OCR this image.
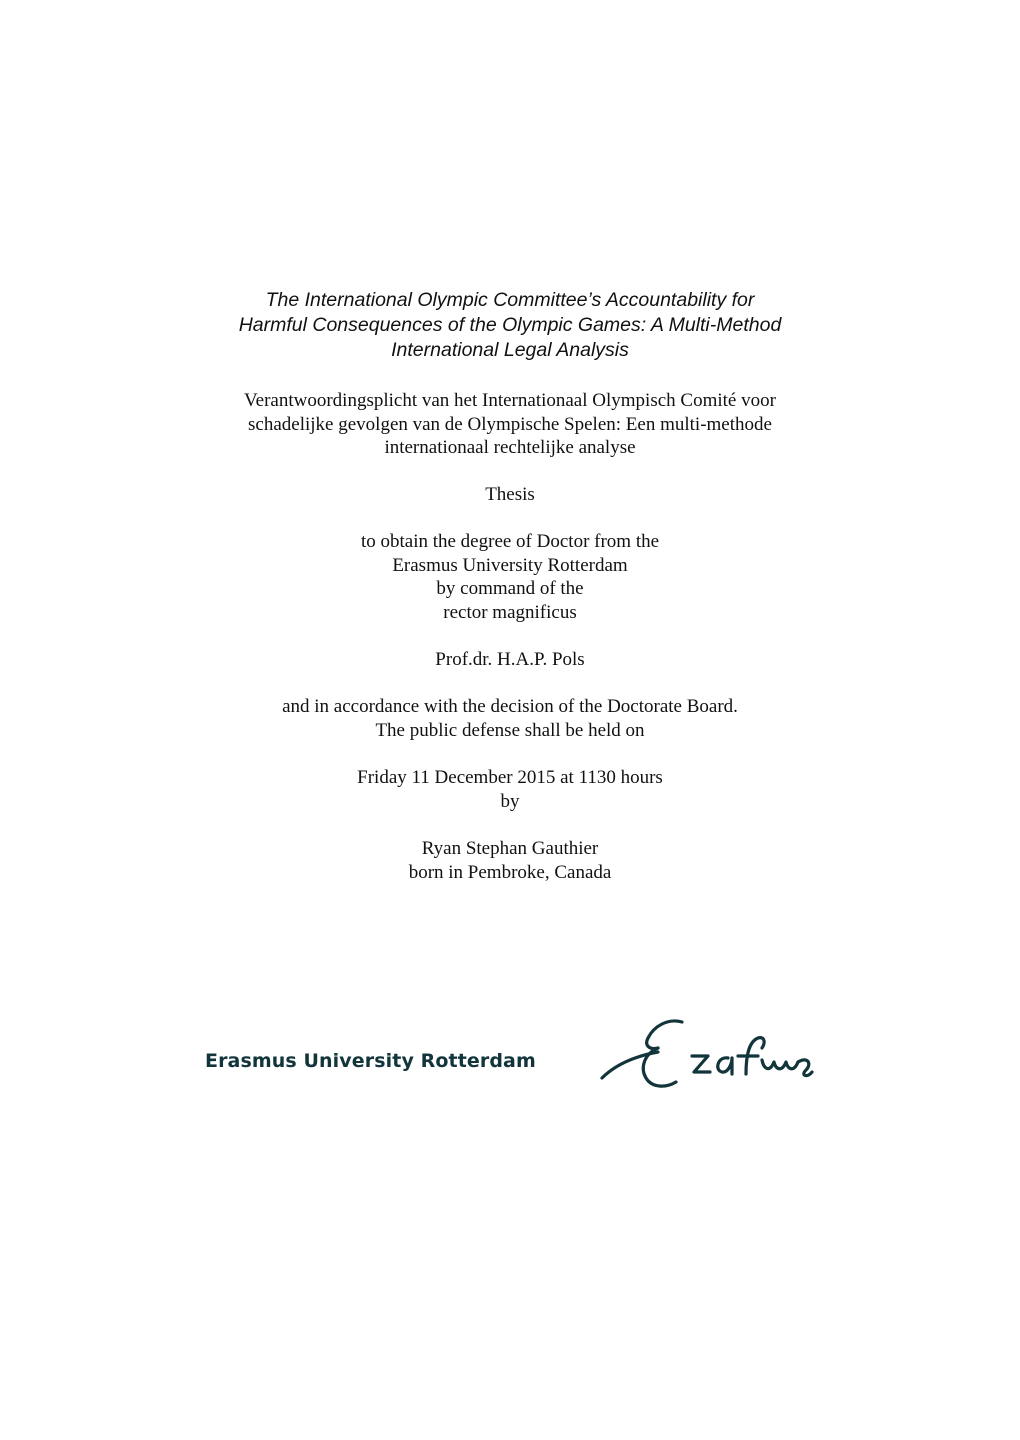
The International Olympic Committee’s Accountability for
Harmful Consequences of the Olympic Games: A Multi-Method
International Legal Analysis
Verantwoordingsplicht van het Internationaal Olympisch Comité voor
schadelijke gevolgen van de Olympische Spelen: Een multi-methode
internationaal rechtelijke analyse
Thesis
to obtain the degree of Doctor from the
Erasmus University Rotterdam
by command of the
rector magnificus
Prof.dr. H.A.P. Pols
and in accordance with the decision of the Doctorate Board.
The public defense shall be held on
Friday 11 December 2015 at 1130 hours
by
Ryan Stephan Gauthier
born in Pembroke, Canada
Erasmus University Rotterdam
